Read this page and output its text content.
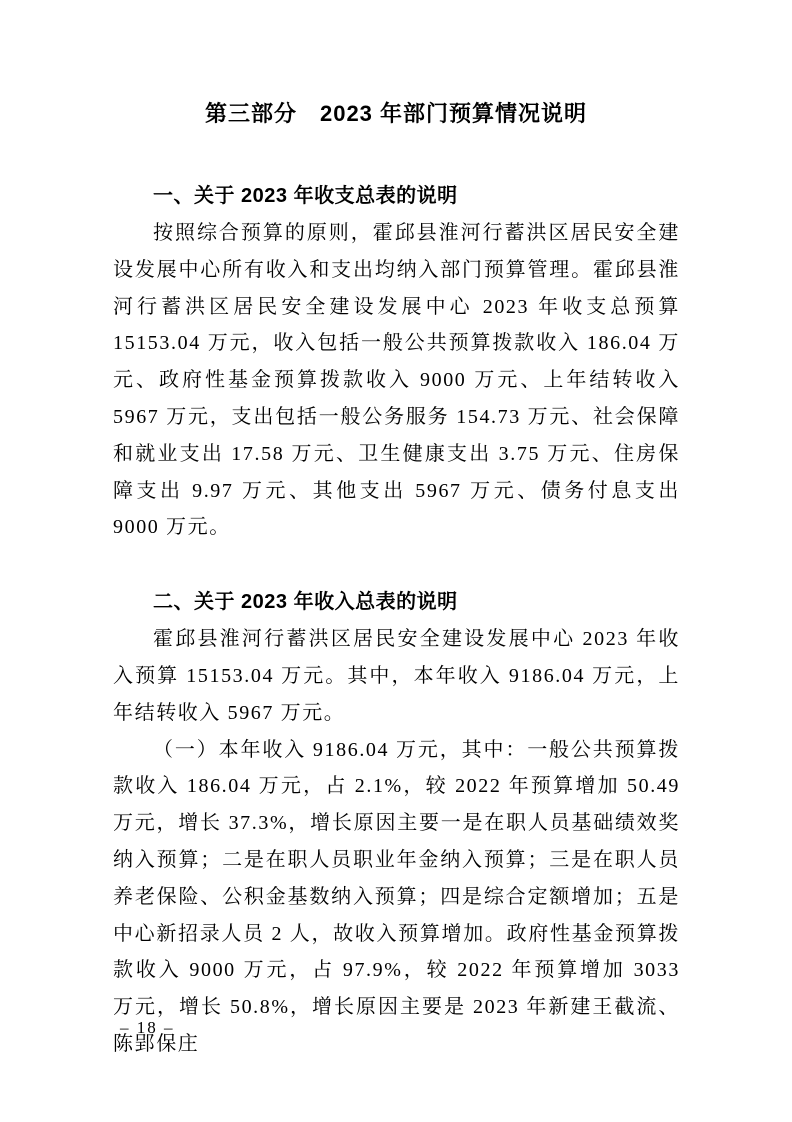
第三部分　2023 年部门预算情况说明
一、关于 2023 年收支总表的说明

按照综合预算的原则，霍邱县淮河行蓄洪区居民安全建设发展中心所有收入和支出均纳入部门预算管理。霍邱县淮河行蓄洪区居民安全建设发展中心 2023 年收支总预算 15153.04 万元，收入包括一般公共预算拨款收入 186.04 万元、政府性基金预算拨款收入 9000 万元、上年结转收入 5967 万元，支出包括一般公务服务 154.73 万元、社会保障和就业支出 17.58 万元、卫生健康支出 3.75 万元、住房保障支出 9.97 万元、其他支出 5967 万元、债务付息支出 9000 万元。

二、关于 2023 年收入总表的说明

霍邱县淮河行蓄洪区居民安全建设发展中心 2023 年收入预算 15153.04 万元。其中，本年收入 9186.04 万元，上年结转收入 5967 万元。

（一）本年收入 9186.04 万元，其中：一般公共预算拨款收入 186.04 万元，占 2.1%，较 2022 年预算增加 50.49 万元，增长 37.3%，增长原因主要一是在职人员基础绩效奖纳入预算；二是在职人员职业年金纳入预算；三是在职人员养老保险、公积金基数纳入预算；四是综合定额增加；五是中心新招录人员 2 人，故收入预算增加。政府性基金预算拨款收入 9000 万元，占 97.9%，较 2022 年预算增加 3033 万元，增长 50.8%，增长原因主要是 2023 年新建王截流、陈郢保庄

– 18 –
